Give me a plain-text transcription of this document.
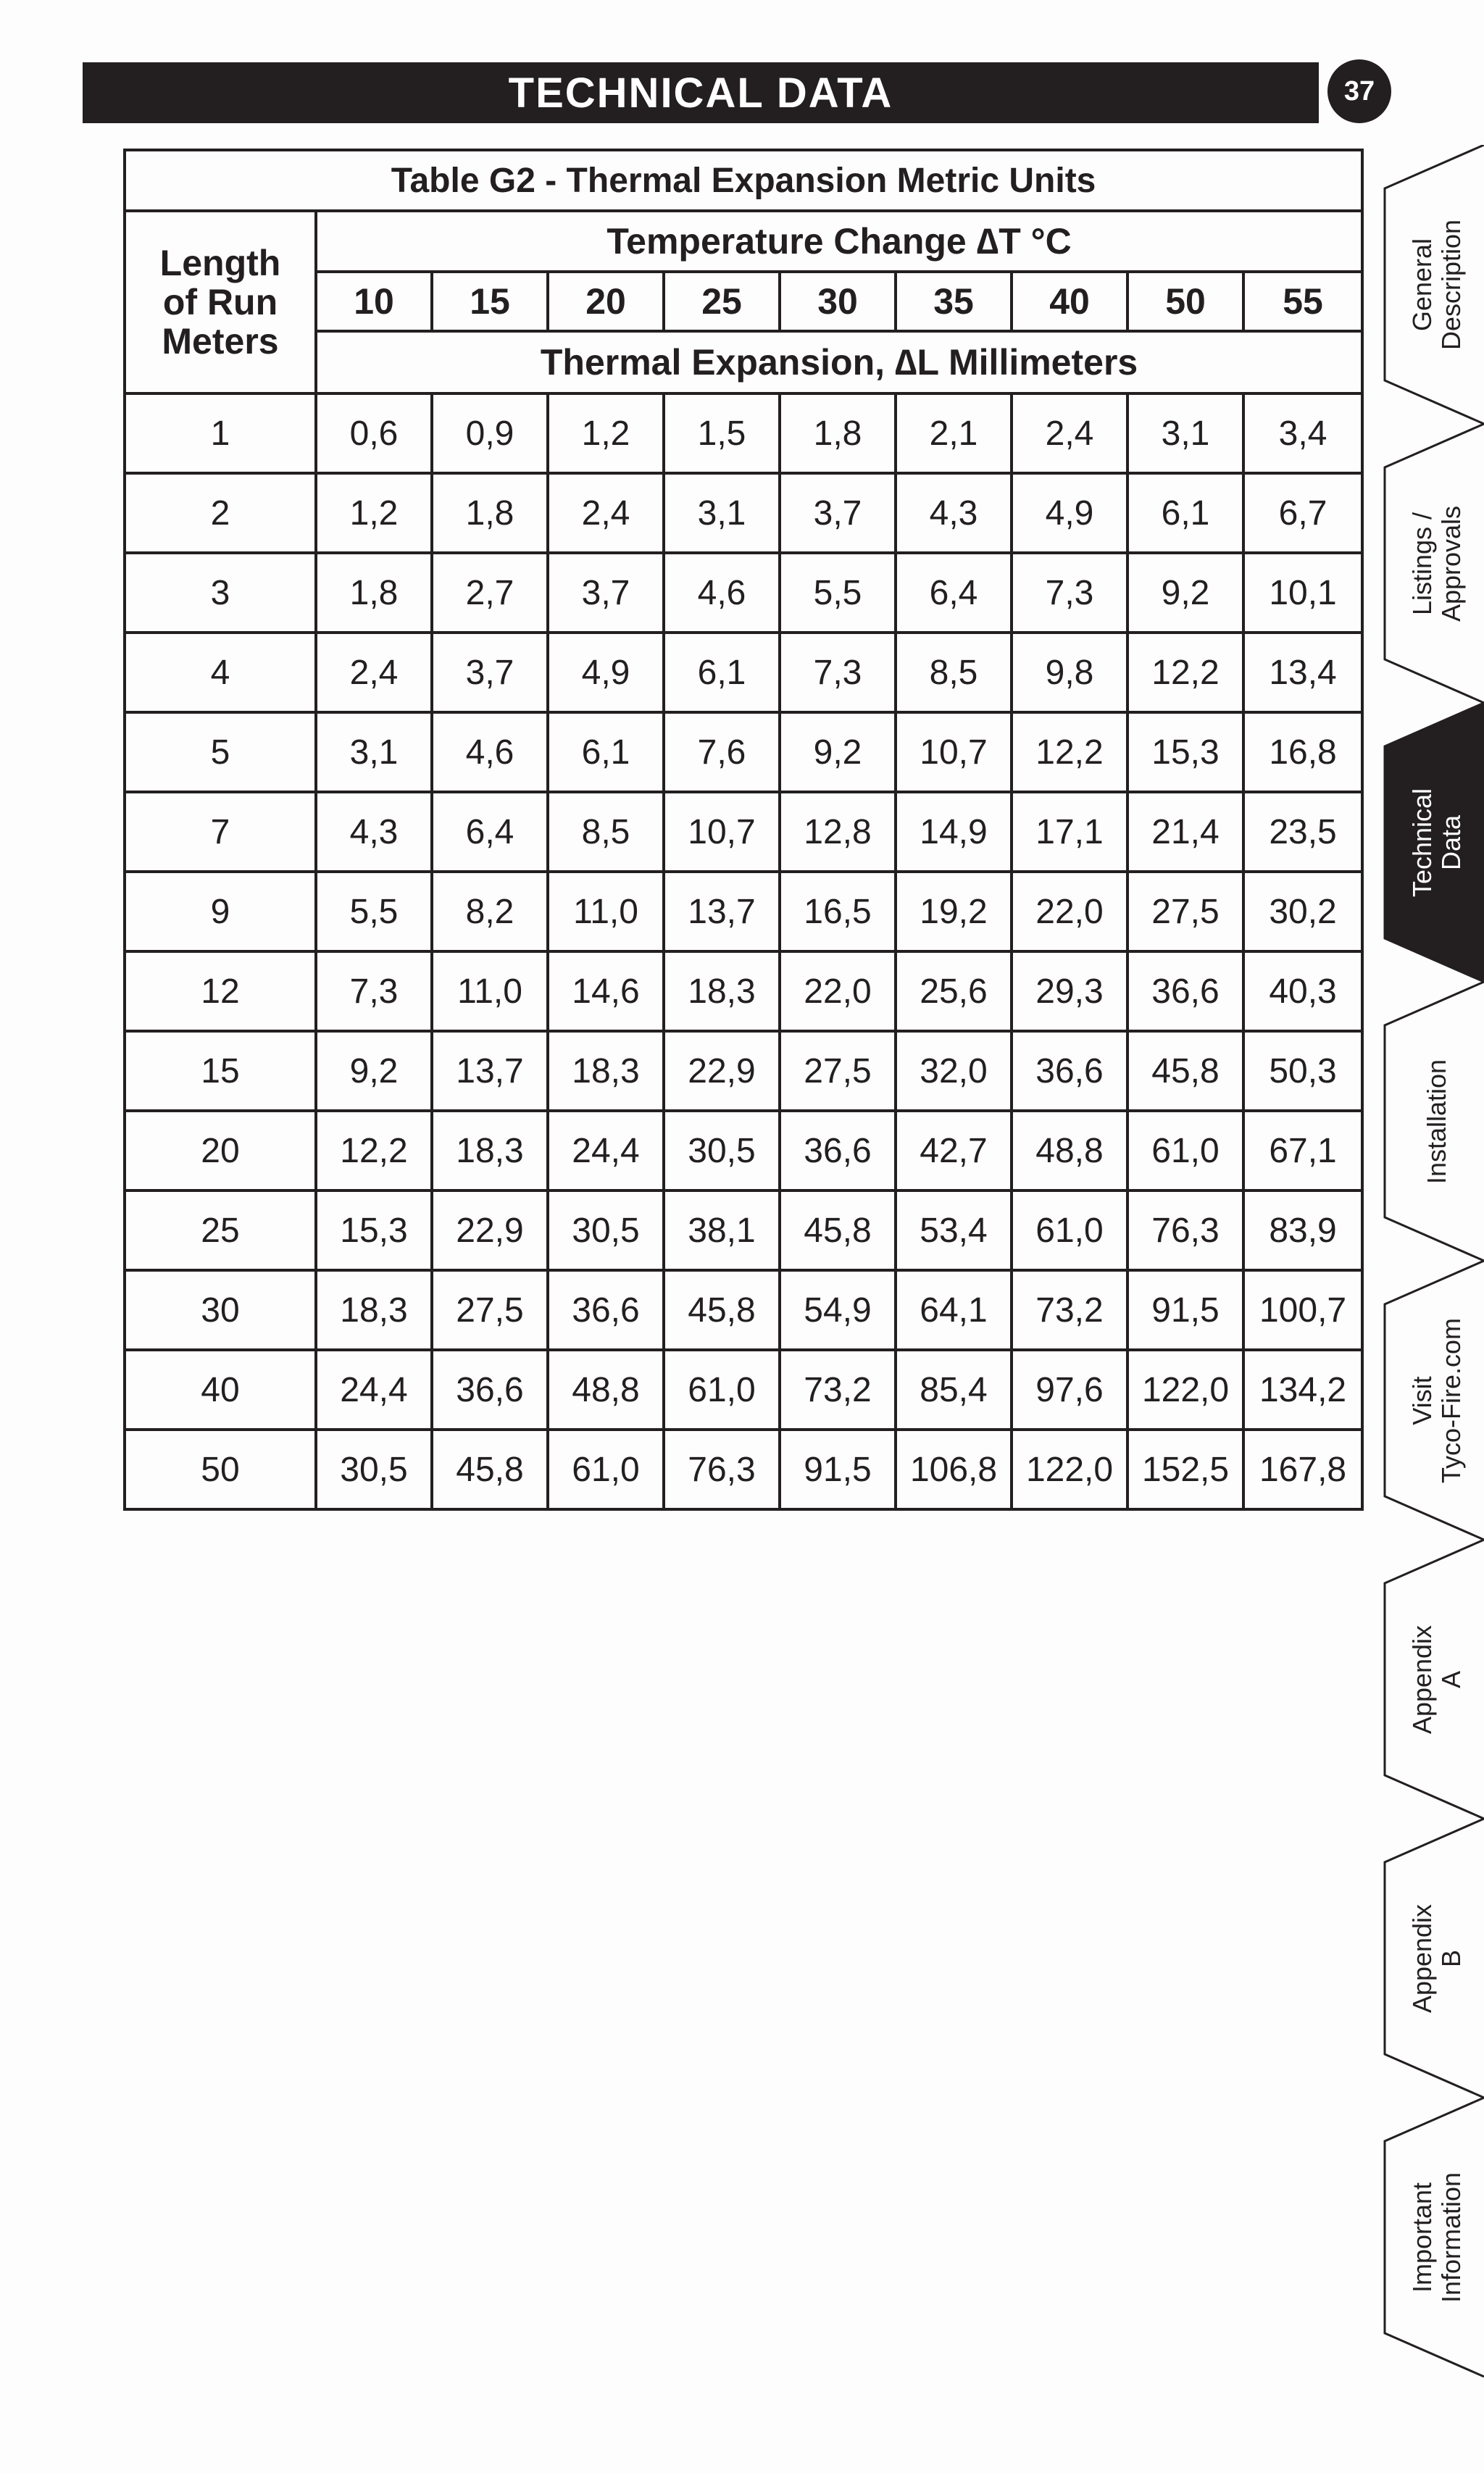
TECHNICAL DATA	37
Table G2 - Thermal Expansion Metric Units									

Length
of Run
Meters	Temperature Change ∆T °C								
	10	15	20	25	30	35	40	50	55
	Thermal Expansion, ∆L Millimeters								
1	0,6	0,9	1,2	1,5	1,8	2,1	2,4	3,1	3,4
2	1,2	1,8	2,4	3,1	3,7	4,3	4,9	6,1	6,7
3	1,8	2,7	3,7	4,6	5,5	6,4	7,3	9,2	10,1
4	2,4	3,7	4,9	6,1	7,3	8,5	9,8	12,2	13,4
5	3,1	4,6	6,1	7,6	9,2	10,7	12,2	15,3	16,8
7	4,3	6,4	8,5	10,7	12,8	14,9	17,1	21,4	23,5
9	5,5	8,2	11,0	13,7	16,5	19,2	22,0	27,5	30,2
12	7,3	11,0	14,6	18,3	22,0	25,6	29,3	36,6	40,3
15	9,2	13,7	18,3	22,9	27,5	32,0	36,6	45,8	50,3
20	12,2	18,3	24,4	30,5	36,6	42,7	48,8	61,0	67,1
25	15,3	22,9	30,5	38,1	45,8	53,4	61,0	76,3	83,9
30	18,3	27,5	36,6	45,8	54,9	64,1	73,2	91,5	100,7
40	24,4	36,6	48,8	61,0	73,2	85,4	97,6	122,0	134,2
50	30,5	45,8	61,0	76,3	91,5	106,8	122,0	152,5	167,8
General Description
Listings / Approvals
Technical Data
Installation
Visit Tyco-Fire.com
Appendix A
Appendix B
Important Information
